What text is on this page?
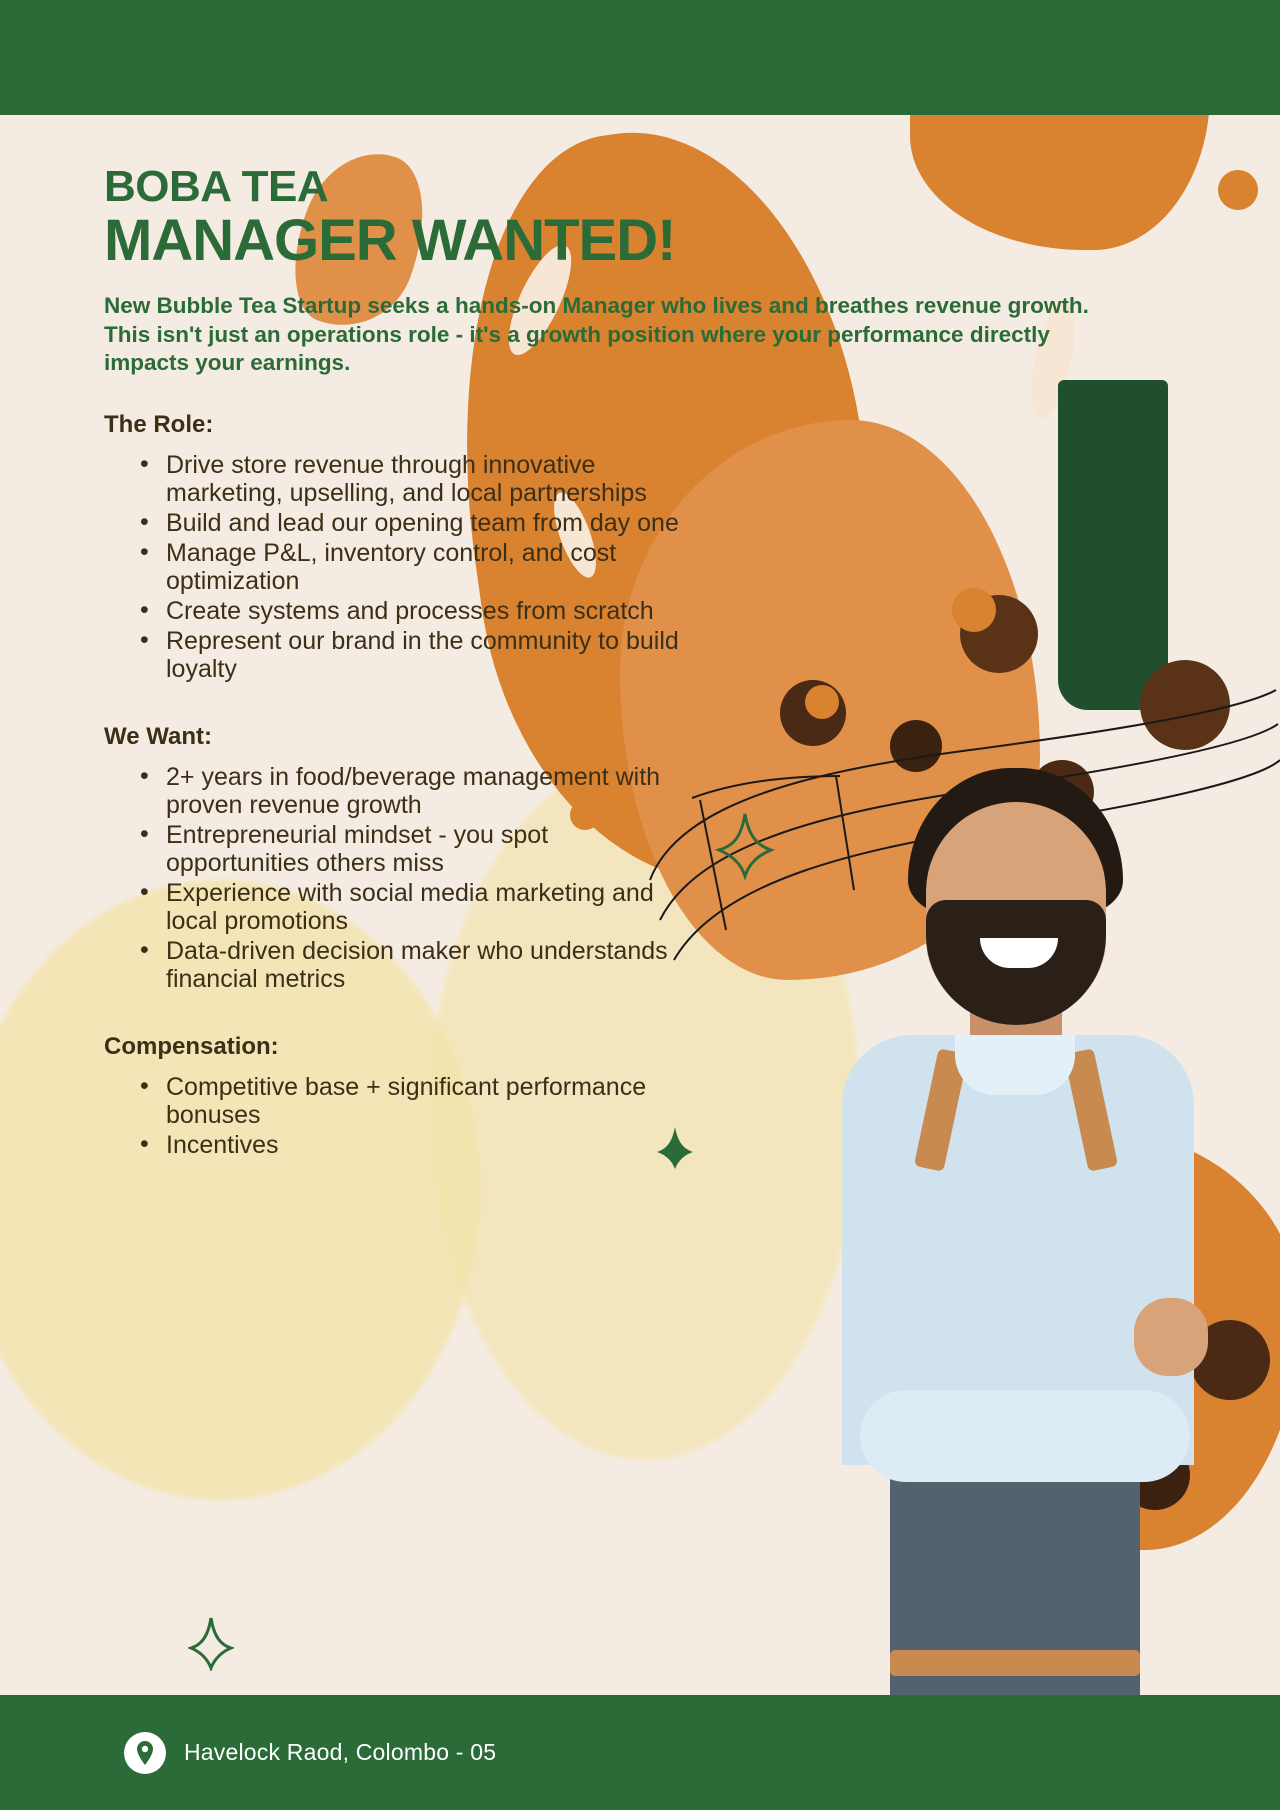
BOBA TEA
MANAGER WANTED!

New Bubble Tea Startup seeks a hands-on Manager who lives and breathes revenue growth. This isn't just an operations role - it's a growth position where your performance directly impacts your earnings.

The Role:
• Drive store revenue through innovative marketing, upselling, and local partnerships
• Build and lead our opening team from day one
• Manage P&L, inventory control, and cost optimization
• Create systems and processes from scratch
• Represent our brand in the community to build loyalty
We Want:
• 2+ years in food/beverage management with proven revenue growth
• Entrepreneurial mindset - you spot opportunities others miss
• Experience with social media marketing and local promotions
• Data-driven decision maker who understands financial metrics
Compensation:
• Competitive base + significant performance bonuses
• Incentives
Havelock Raod, Colombo - 05
